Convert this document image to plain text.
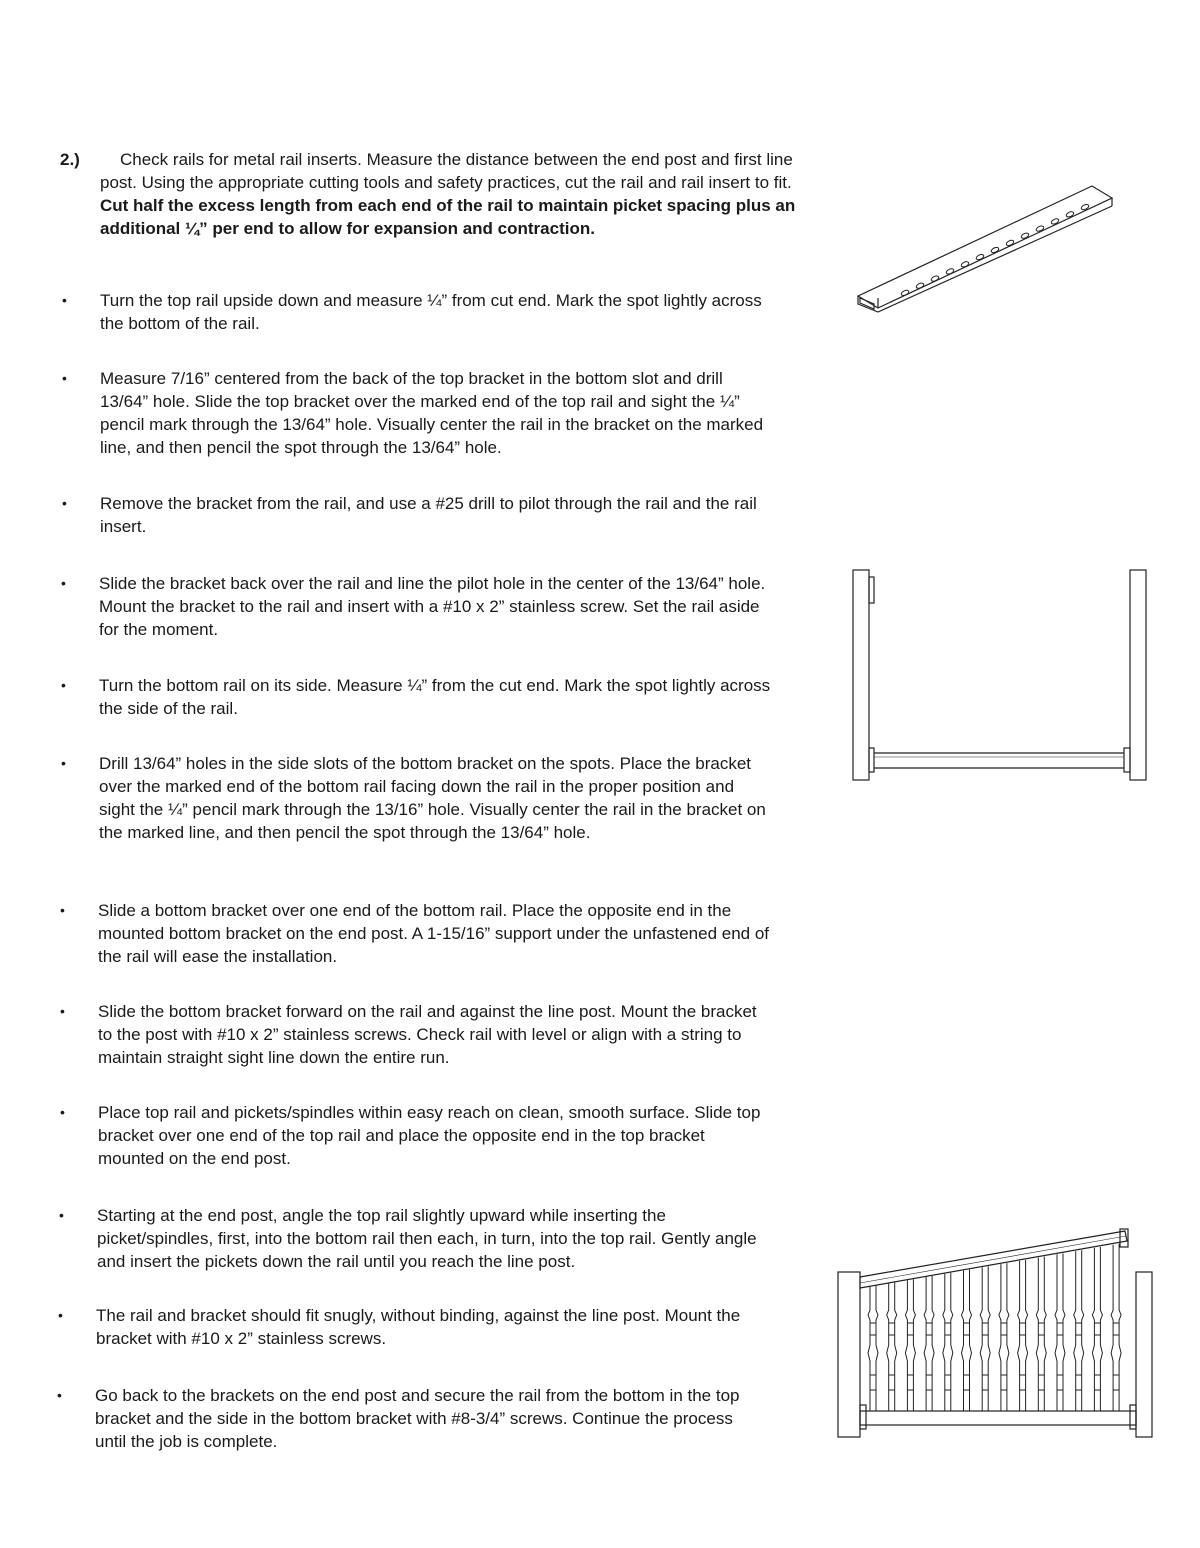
2.)	Check rails for metal rail inserts. Measure the distance between the end post and first line post. Using the appropriate cutting tools and safety practices, cut the rail and rail insert to fit. Cut half the excess length from each end of the rail to maintain picket spacing plus an additional ¼” per end to allow for expansion and contraction.
• Turn the top rail upside down and measure ¼” from cut end. Mark the spot lightly across the bottom of the rail.
• Measure 7/16” centered from the back of the top bracket in the bottom slot and drill 13/64” hole. Slide the top bracket over the marked end of the top rail and sight the ¼” pencil mark through the 13/64” hole. Visually center the rail in the bracket on the marked line, and then pencil the spot through the 13/64” hole.
• Remove the bracket from the rail, and use a #25 drill to pilot through the rail and the rail insert.
• Slide the bracket back over the rail and line the pilot hole in the center of the 13/64” hole. Mount the bracket to the rail and insert with a #10 x 2” stainless screw. Set the rail aside for the moment.
• Turn the bottom rail on its side. Measure ¼” from the cut end. Mark the spot lightly across the side of the rail.
• Drill 13/64” holes in the side slots of the bottom bracket on the spots. Place the bracket over the marked end of the bottom rail facing down the rail in the proper position and sight the ¼” pencil mark through the 13/16” hole. Visually center the rail in the bracket on the marked line, and then pencil the spot through the 13/64” hole.
• Slide a bottom bracket over one end of the bottom rail. Place the opposite end in the mounted bottom bracket on the end post. A 1-15/16” support under the unfastened end of the rail will ease the installation.
• Slide the bottom bracket forward on the rail and against the line post. Mount the bracket to the post with #10 x 2” stainless screws. Check rail with level or align with a string to maintain straight sight line down the entire run.
• Place top rail and pickets/spindles within easy reach on clean, smooth surface. Slide top bracket over one end of the top rail and place the opposite end in the top bracket mounted on the end post.
• Starting at the end post, angle the top rail slightly upward while inserting the picket/spindles, first, into the bottom rail then each, in turn, into the top rail. Gently angle and insert the pickets down the rail until you reach the line post.
• The rail and bracket should fit snugly, without binding, against the line post. Mount the bracket with #10 x 2” stainless screws.
• Go back to the brackets on the end post and secure the rail from the bottom in the top bracket and the side in the bottom bracket with #8-3/4” screws. Continue the process until the job is complete.
